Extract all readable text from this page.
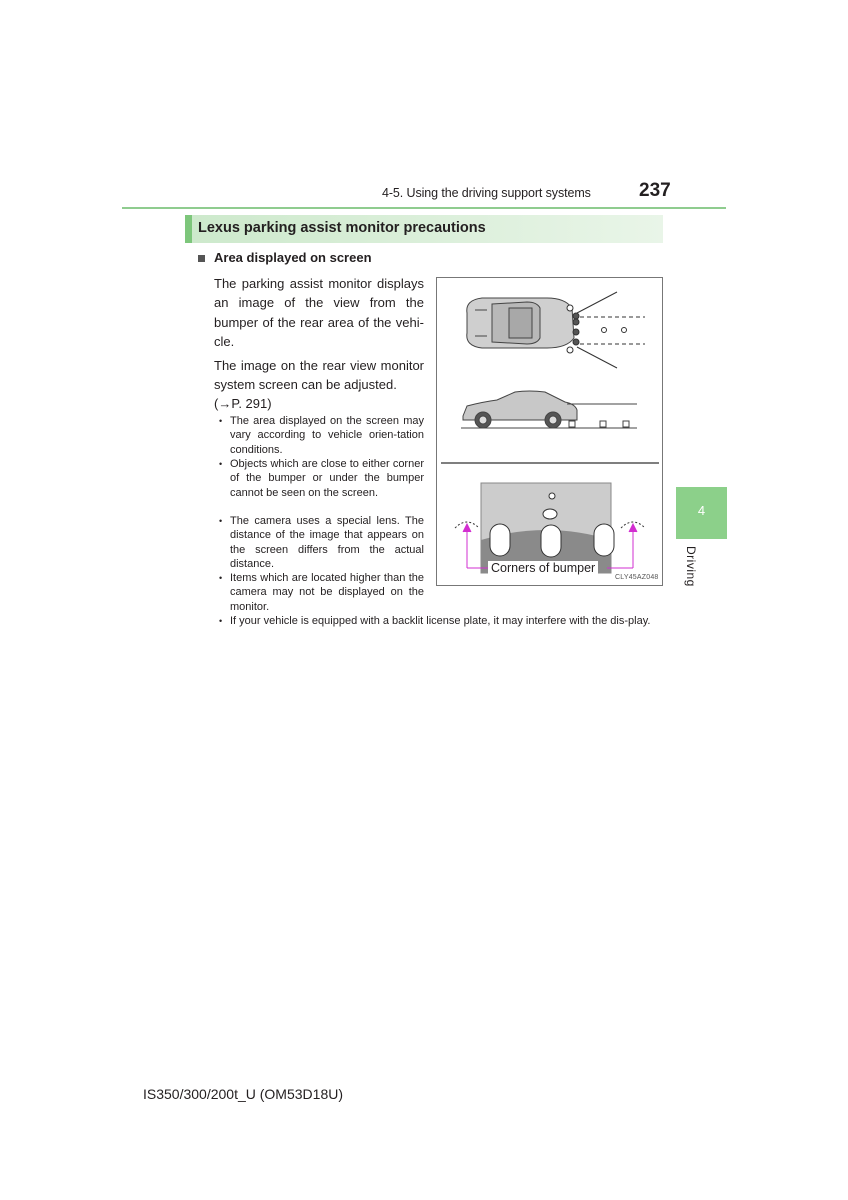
4-5. Using the driving support systems	237
4
Driving
Lexus parking assist monitor precautions
Area displayed on screen
The parking assist monitor displays an image of the view from the bumper of the rear area of the vehi-cle.
The image on the rear view monitor system screen can be adjusted.
(→P. 291)
• The area displayed on the screen may vary according to vehicle orien-tation conditions.
• Objects which are close to either corner of the bumper or under the bumper cannot be seen on the screen.
• The camera uses a special lens. The distance of the image that appears on the screen differs from the actual distance.
• Items which are located higher than the camera may not be displayed on the monitor.
• If your vehicle is equipped with a backlit license plate, it may interfere with the dis-play.
Corners of bumper
CLY45AZ048
IS350/300/200t_U (OM53D18U)
